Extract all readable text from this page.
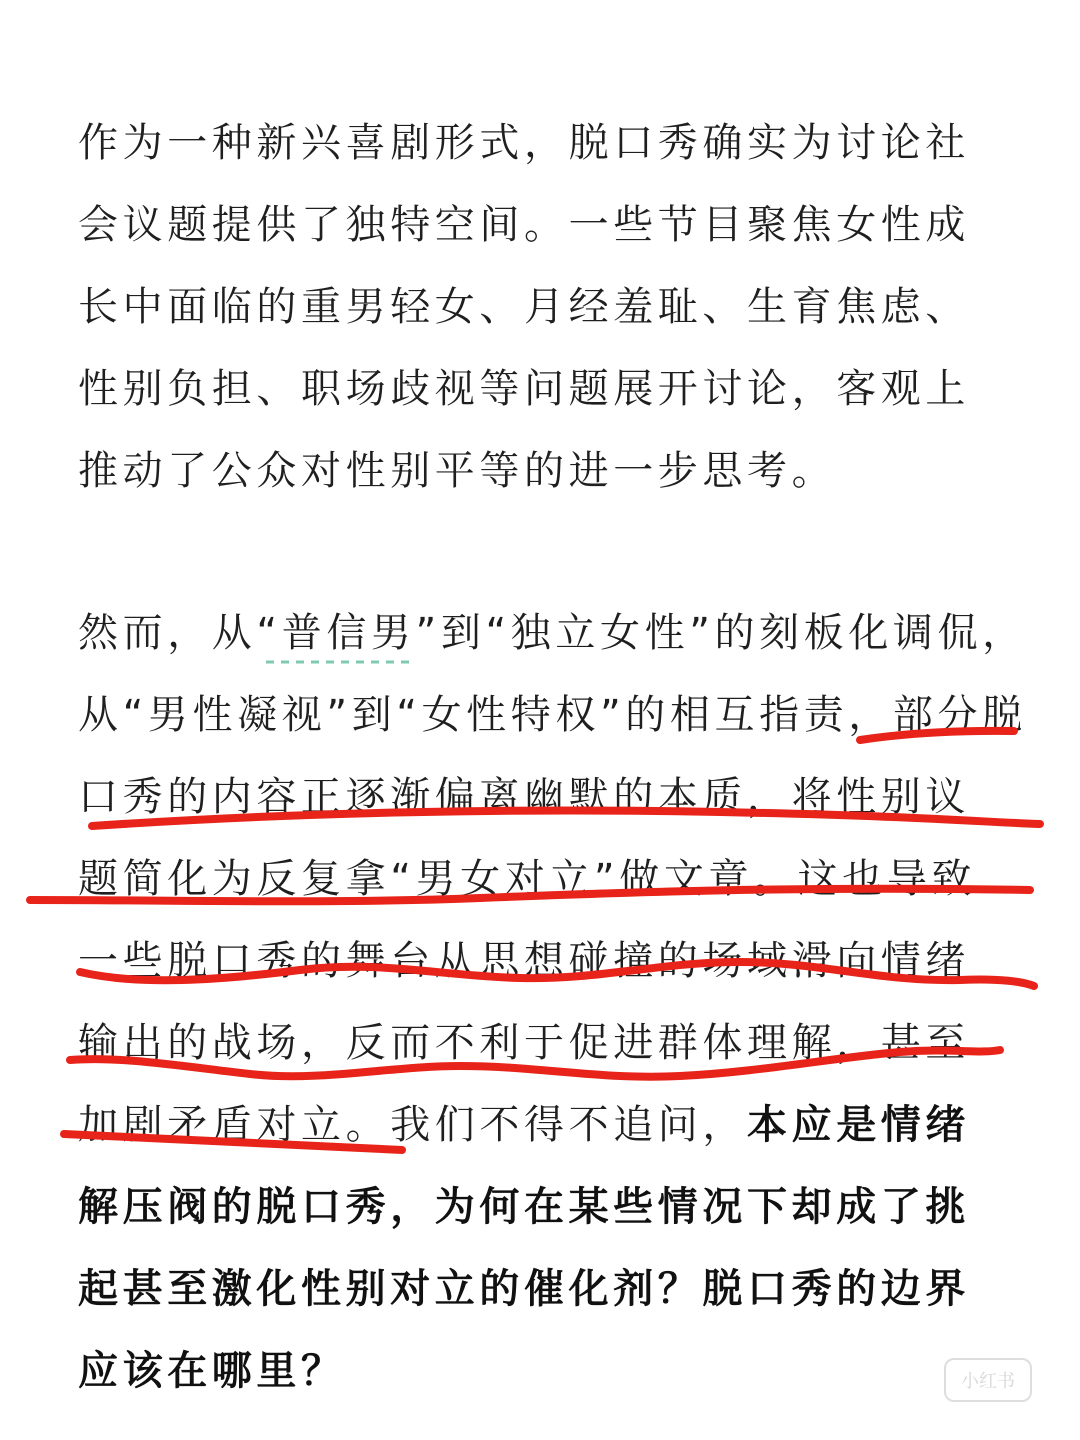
作为一种新兴喜剧形式，脱口秀确实为讨论社
会议题提供了独特空间。一些节目聚焦女性成
长中面临的重男轻女、月经羞耻、生育焦虑、
性别负担、职场歧视等问题展开讨论，客观上
推动了公众对性别平等的进一步思考。

然而，从“普信男”到“独立女性”的刻板化调侃，
从“男性凝视”到“女性特权”的相互指责，部分脱
口秀的内容正逐渐偏离幽默的本质，将性别议
题简化为反复拿“男女对立”做文章。这也导致
一些脱口秀的舞台从思想碰撞的场域滑向情绪
输出的战场，反而不利于促进群体理解，甚至
加剧矛盾对立。我们不得不追问，本应是情绪
解压阀的脱口秀，为何在某些情况下却成了挑
起甚至激化性别对立的催化剂？脱口秀的边界
应该在哪里？	小红书
